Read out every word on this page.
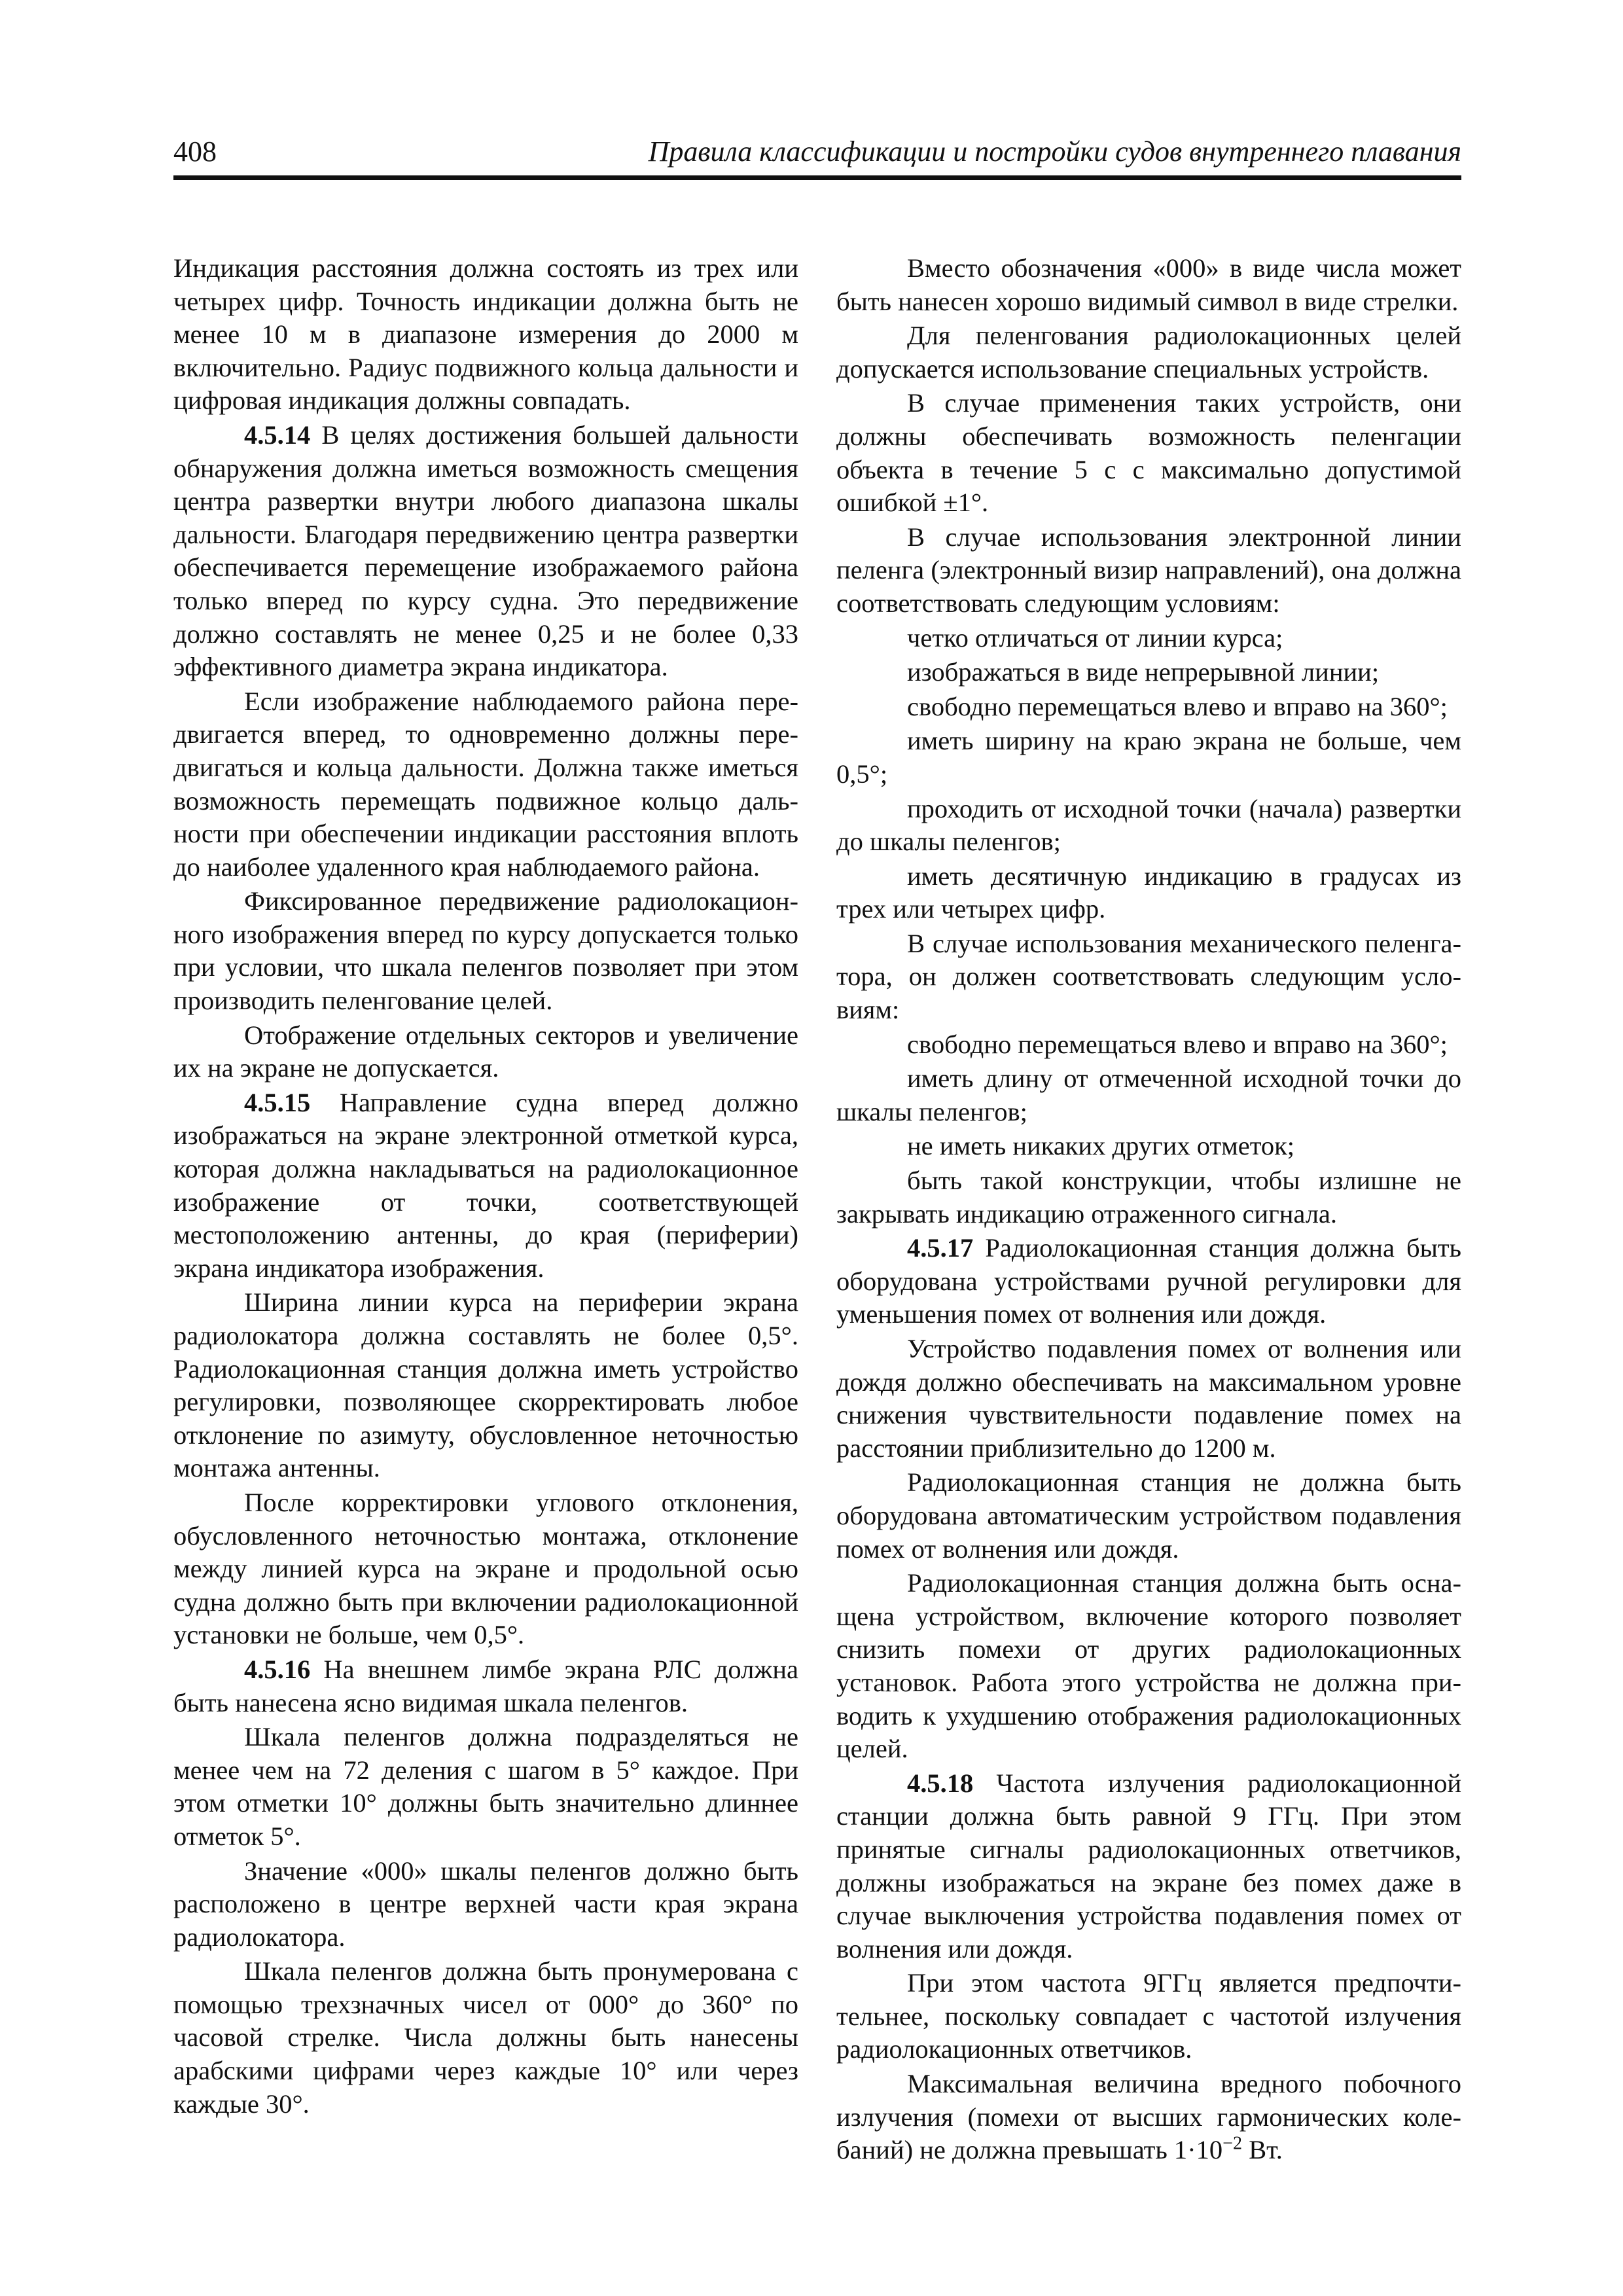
408	Правила классификации и постройки судов внутреннего плавания

Индикация расстояния должна состоять из трех или четырех цифр. Точность индикации должна быть не менее 10 м в диапазоне измерения до 2000 м включительно. Радиус подвижного кольца дальности и цифровая индикация должны совпадать.

4.5.14 В целях достижения большей дальности обнаружения должна иметься возможность смещения центра развертки внутри любого диапазона шкалы дальности. Благодаря передвижению центра развертки обеспечивается перемещение изображаемого района только вперед по курсу судна. Это передвижение должно составлять не менее 0,25 и не более 0,33 эффективного диаметра экрана индикатора.

Если изображение наблюдаемого района передвигается вперед, то одновременно должны передвигаться и кольца дальности. Должна также иметься возможность перемещать подвижное кольцо дальности при обеспечении индикации расстояния вплоть до наиболее удаленного края наблюдаемого района.

Фиксированное передвижение радиолокационного изображения вперед по курсу допускается только при условии, что шкала пеленгов позволяет при этом производить пеленгование целей.

Отображение отдельных секторов и увеличение их на экране не допускается.

4.5.15 Направление судна вперед должно изображаться на экране электронной отметкой курса, которая должна накладываться на радиолокационное изображение от точки, соответствующей местоположению антенны, до края (периферии) экрана индикатора изображения.

Ширина линии курса на периферии экрана радиолокатора должна составлять не более 0,5°. Радиолокационная станция должна иметь устройство регулировки, позволяющее скорректировать любое отклонение по азимуту, обусловленное неточностью монтажа антенны.

После корректировки углового отклонения, обусловленного неточностью монтажа, отклонение между линией курса на экране и продольной осью судна должно быть при включении радиолокационной установки не больше, чем 0,5°.

4.5.16 На внешнем лимбе экрана РЛС должна быть нанесена ясно видимая шкала пеленгов.

Шкала пеленгов должна подразделяться не менее чем на 72 деления с шагом в 5° каждое. При этом отметки 10° должны быть значительно длиннее отметок 5°.

Значение «000» шкалы пеленгов должно быть расположено в центре верхней части края экрана радиолокатора.

Шкала пеленгов должна быть пронумерована с помощью трехзначных чисел от 000° до 360° по часовой стрелке. Числа должны быть нанесены арабскими цифрами через каждые 10° или через каждые 30°.

Вместо обозначения «000» в виде числа может быть нанесен хорошо видимый символ в виде стрелки.

Для пеленгования радиолокационных целей допускается использование специальных устройств.

В случае применения таких устройств, они должны обеспечивать возможность пеленгации объекта в течение 5 с с максимально допустимой ошибкой ±1°.

В случае использования электронной линии пеленга (электронный визир направлений), она должна соответствовать следующим условиям:

четко отличаться от линии курса;

изображаться в виде непрерывной линии;

свободно перемещаться влево и вправо на 360°;

иметь ширину на краю экрана не больше, чем 0,5°;

проходить от исходной точки (начала) развертки до шкалы пеленгов;

иметь десятичную индикацию в градусах из трех или четырех цифр.

В случае использования механического пеленгатора, он должен соответствовать следующим условиям:

свободно перемещаться влево и вправо на 360°;

иметь длину от отмеченной исходной точки до шкалы пеленгов;

не иметь никаких других отметок;

быть такой конструкции, чтобы излишне не закрывать индикацию отраженного сигнала.

4.5.17 Радиолокационная станция должна быть оборудована устройствами ручной регулировки для уменьшения помех от волнения или дождя.

Устройство подавления помех от волнения или дождя должно обеспечивать на максимальном уровне снижения чувствительности подавление помех на расстоянии приблизительно до 1200 м.

Радиолокационная станция не должна быть оборудована автоматическим устройством подавления помех от волнения или дождя.

Радиолокационная станция должна быть оснащена устройством, включение которого позволяет снизить помехи от других радиолокационных установок. Работа этого устройства не должна приводить к ухудшению отображения радиолокационных целей.

4.5.18 Частота излучения радиолокационной станции должна быть равной 9 ГГц. При этом принятые сигналы радиолокационных ответчиков, должны изображаться на экране без помех даже в случае выключения устройства подавления помех от волнения или дождя.

При этом частота 9ГГц является предпочтительнее, поскольку совпадает с частотой излучения радиолокационных ответчиков.

Максимальная величина вредного побочного излучения (помехи от высших гармонических колебаний) не должна превышать $1\cdot 10^{-2}$ Вт.
